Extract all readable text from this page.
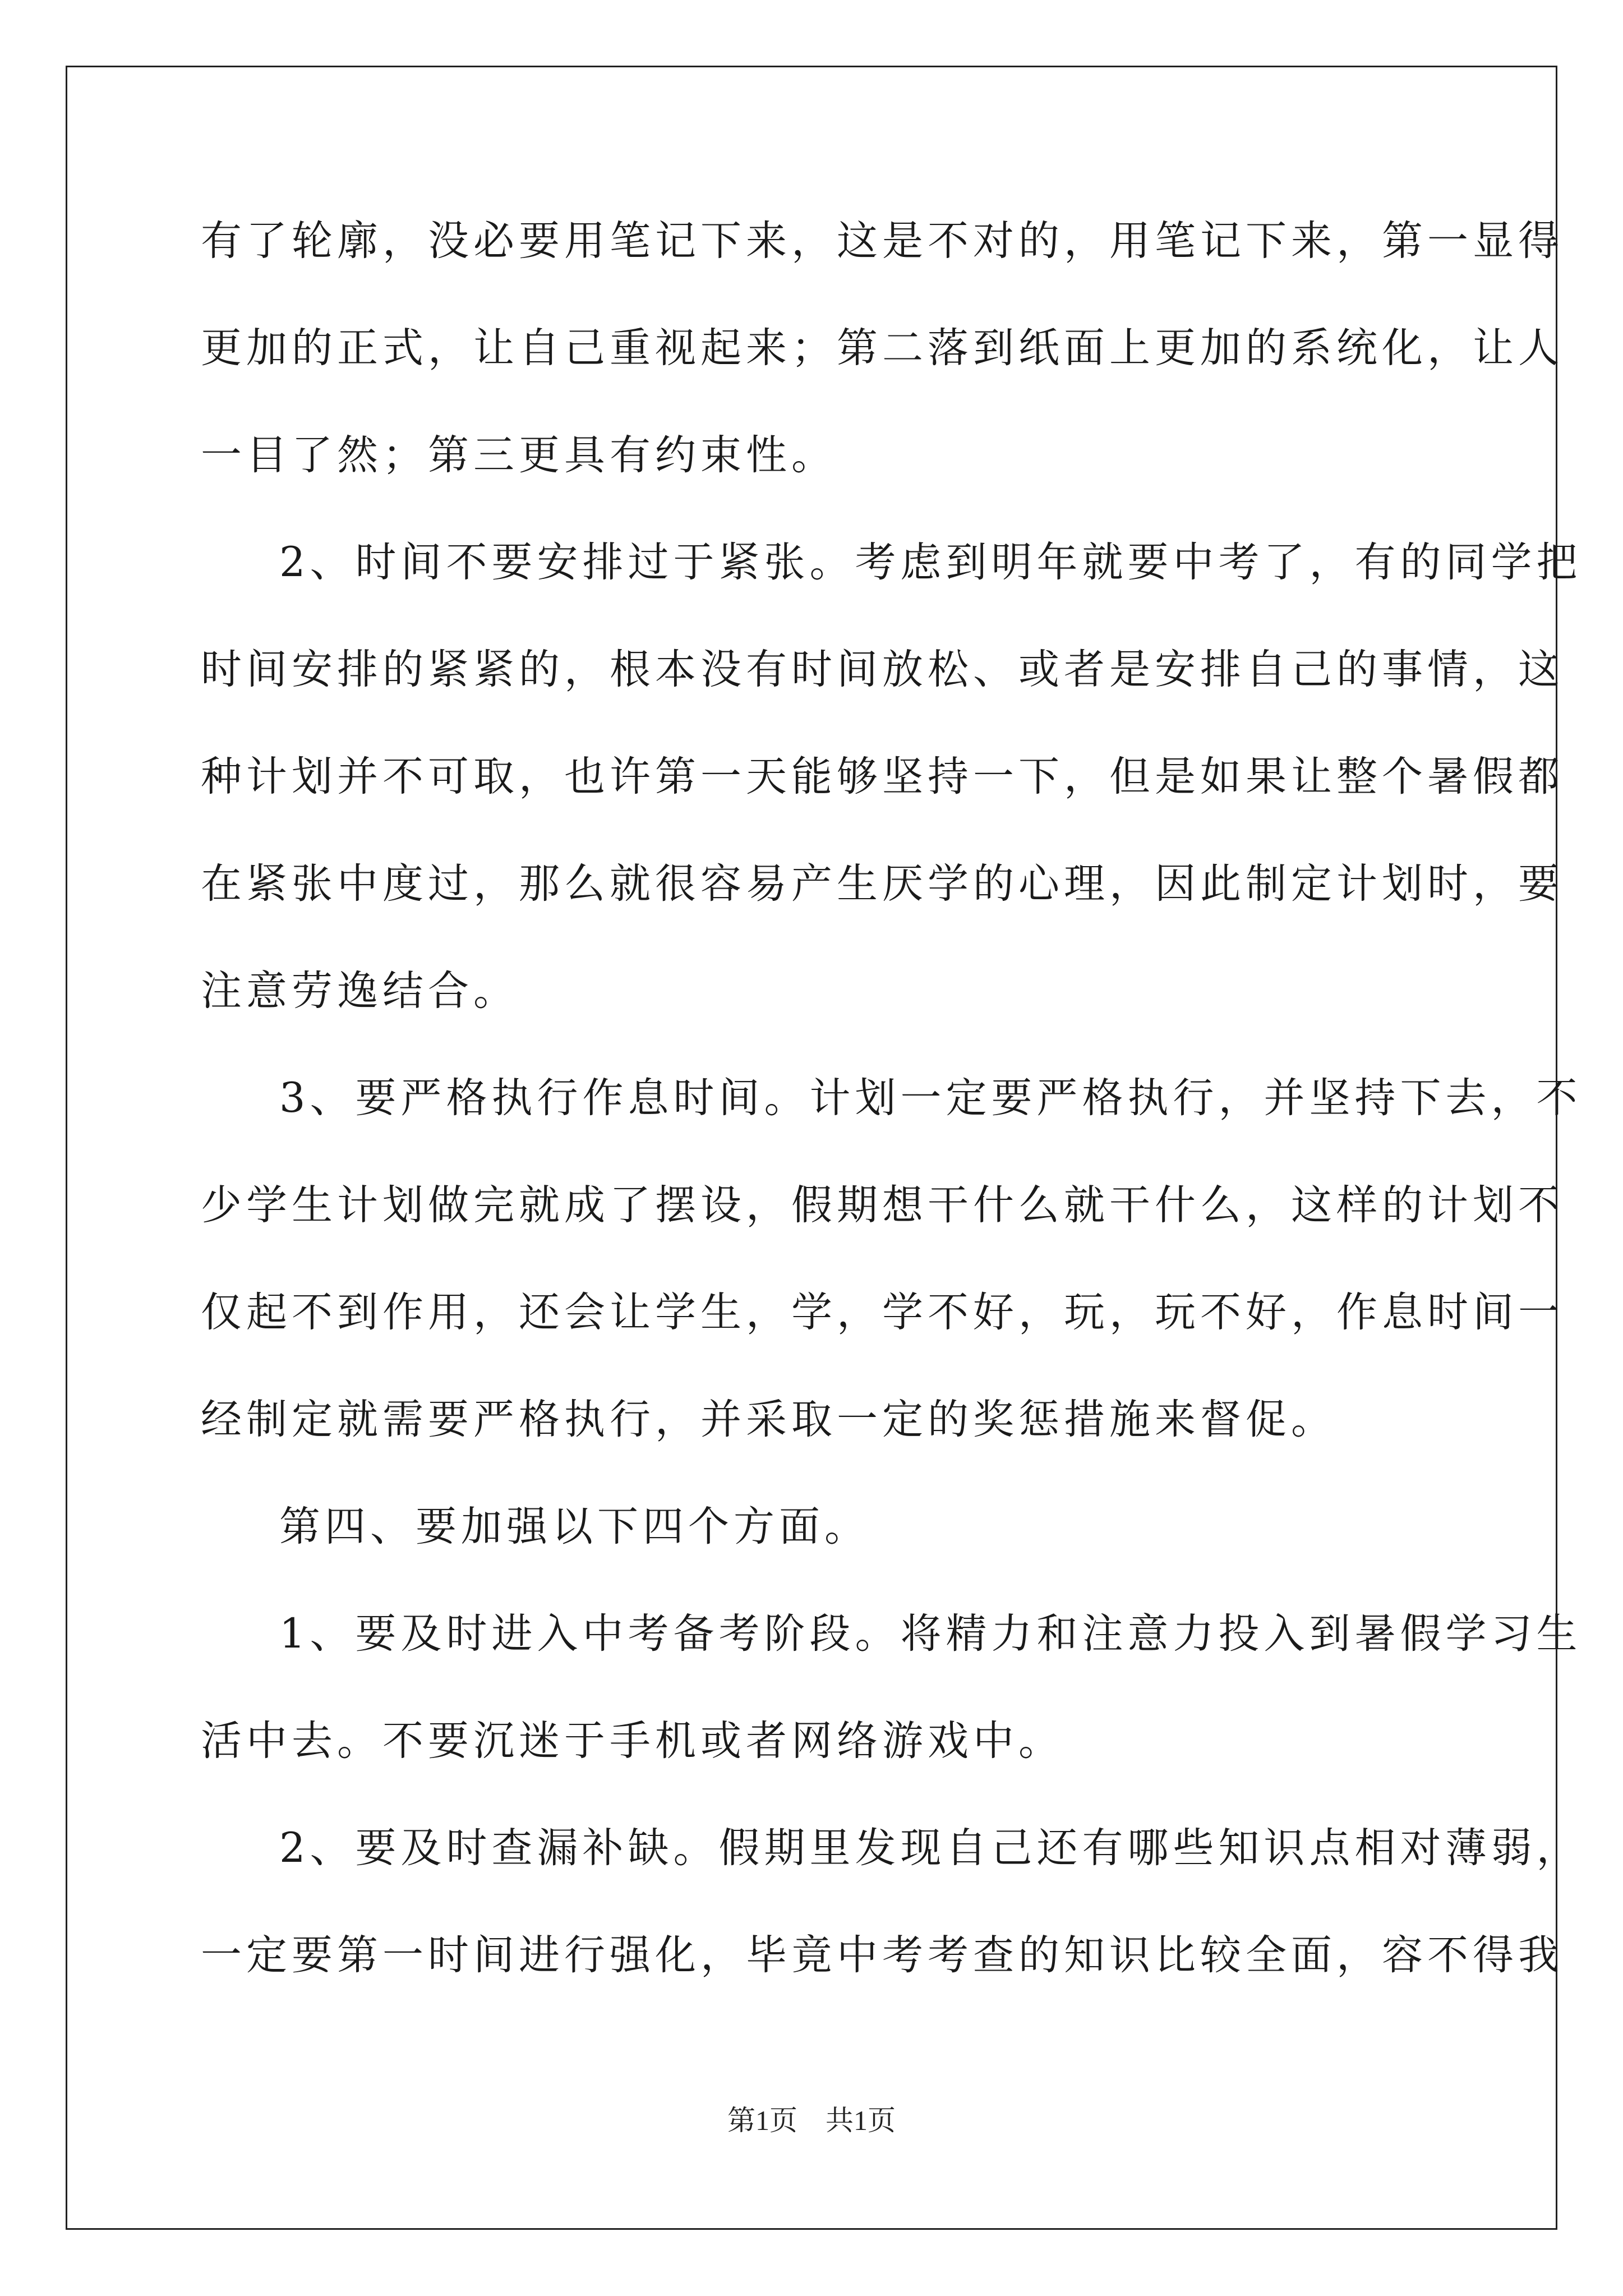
有了轮廓，没必要用笔记下来，这是不对的，用笔记下来，第一显得
更加的正式，让自己重视起来；第二落到纸面上更加的系统化，让人
一目了然；第三更具有约束性。
2、时间不要安排过于紧张。考虑到明年就要中考了，有的同学把
时间安排的紧紧的，根本没有时间放松、或者是安排自己的事情，这
种计划并不可取，也许第一天能够坚持一下，但是如果让整个暑假都
在紧张中度过，那么就很容易产生厌学的心理，因此制定计划时，要
注意劳逸结合。
3、要严格执行作息时间。计划一定要严格执行，并坚持下去，不
少学生计划做完就成了摆设，假期想干什么就干什么，这样的计划不
仅起不到作用，还会让学生，学，学不好，玩，玩不好，作息时间一
经制定就需要严格执行，并采取一定的奖惩措施来督促。
第四、要加强以下四个方面。
1、要及时进入中考备考阶段。将精力和注意力投入到暑假学习生
活中去。不要沉迷于手机或者网络游戏中。
2、要及时查漏补缺。假期里发现自己还有哪些知识点相对薄弱，
一定要第一时间进行强化，毕竟中考考查的知识比较全面，容不得我
第1页　共1页
